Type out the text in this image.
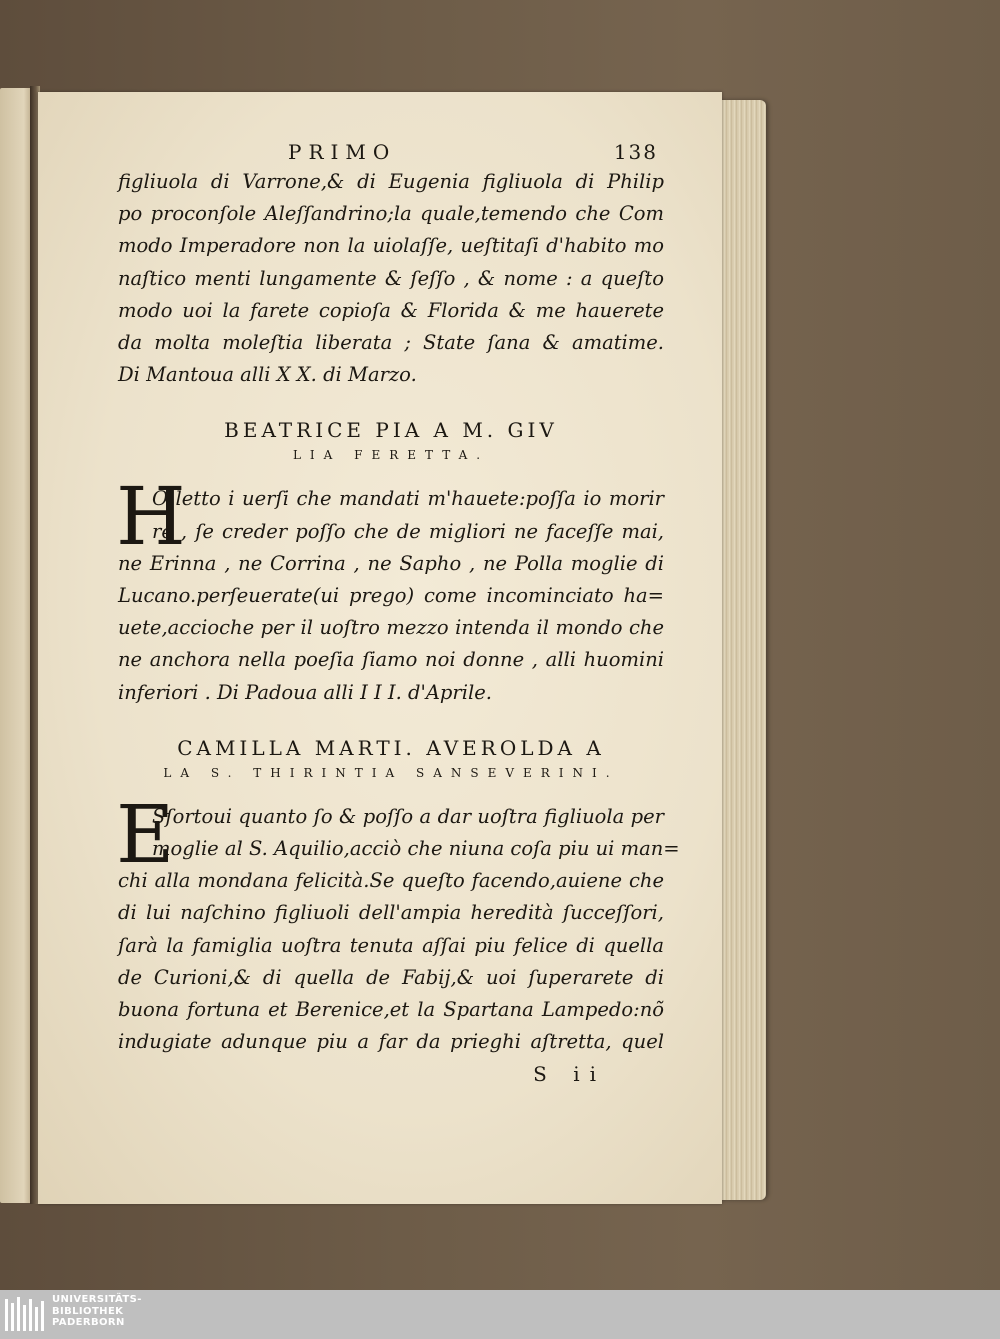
PRIMO	138
figliuola di Varrone,& di Eugenia figliuola di Philip
po proconſole Aleſſandrino;la quale,temendo che Com
modo Imperadore non la uiolaſſe, ueſtitaſi d'habito mo
naſtico menti lungamente & ſeſſo , & nome : a queſto
modo uoi la farete copioſa & Florida & me hauerete
da molta moleſtia liberata ; State ſana & amatime.
Di Mantoua alli X X. di Marzo.
BEATRICE PIA A M. GIV
LIA FERETTA.
H
O letto i uerſi che mandati m'hauete:poſſa io morir
re , ſe creder poſſo che de migliori ne faceſſe mai,
ne Erinna , ne Corrina , ne Sapho , ne Polla moglie di
Lucano.perſeuerate(ui prego) come incominciato ha=
uete,accioche per il uoſtro mezzo intenda il mondo che
ne anchora nella poeſia ſiamo noi donne , alli huomini
inferiori . Di Padoua alli I I I. d'Aprile.
CAMILLA MARTI. AVEROLDA A
LA S. THIRINTIA SANSEVERINI.
E
Sſortoui quanto ſo & poſſo a dar uoſtra figliuola per
moglie al S. Aquilio,acciò che niuna coſa piu ui man=
chi alla mondana felicità.Se queſto facendo,auiene che
di lui naſchino figliuoli dell'ampia heredità ſucceſſori,
ſarà la famiglia uoſtra tenuta aſſai piu felice di quella
de Curioni,& di quella de Fabij,& uoi ſuperarete di
buona fortuna et Berenice,et la Spartana Lampedo:nõ
indugiate adunque piu a far da prieghi aſtretta, quel
S ii
UNIVERSITÄTS-
BIBLIOTHEK
PADERBORN
